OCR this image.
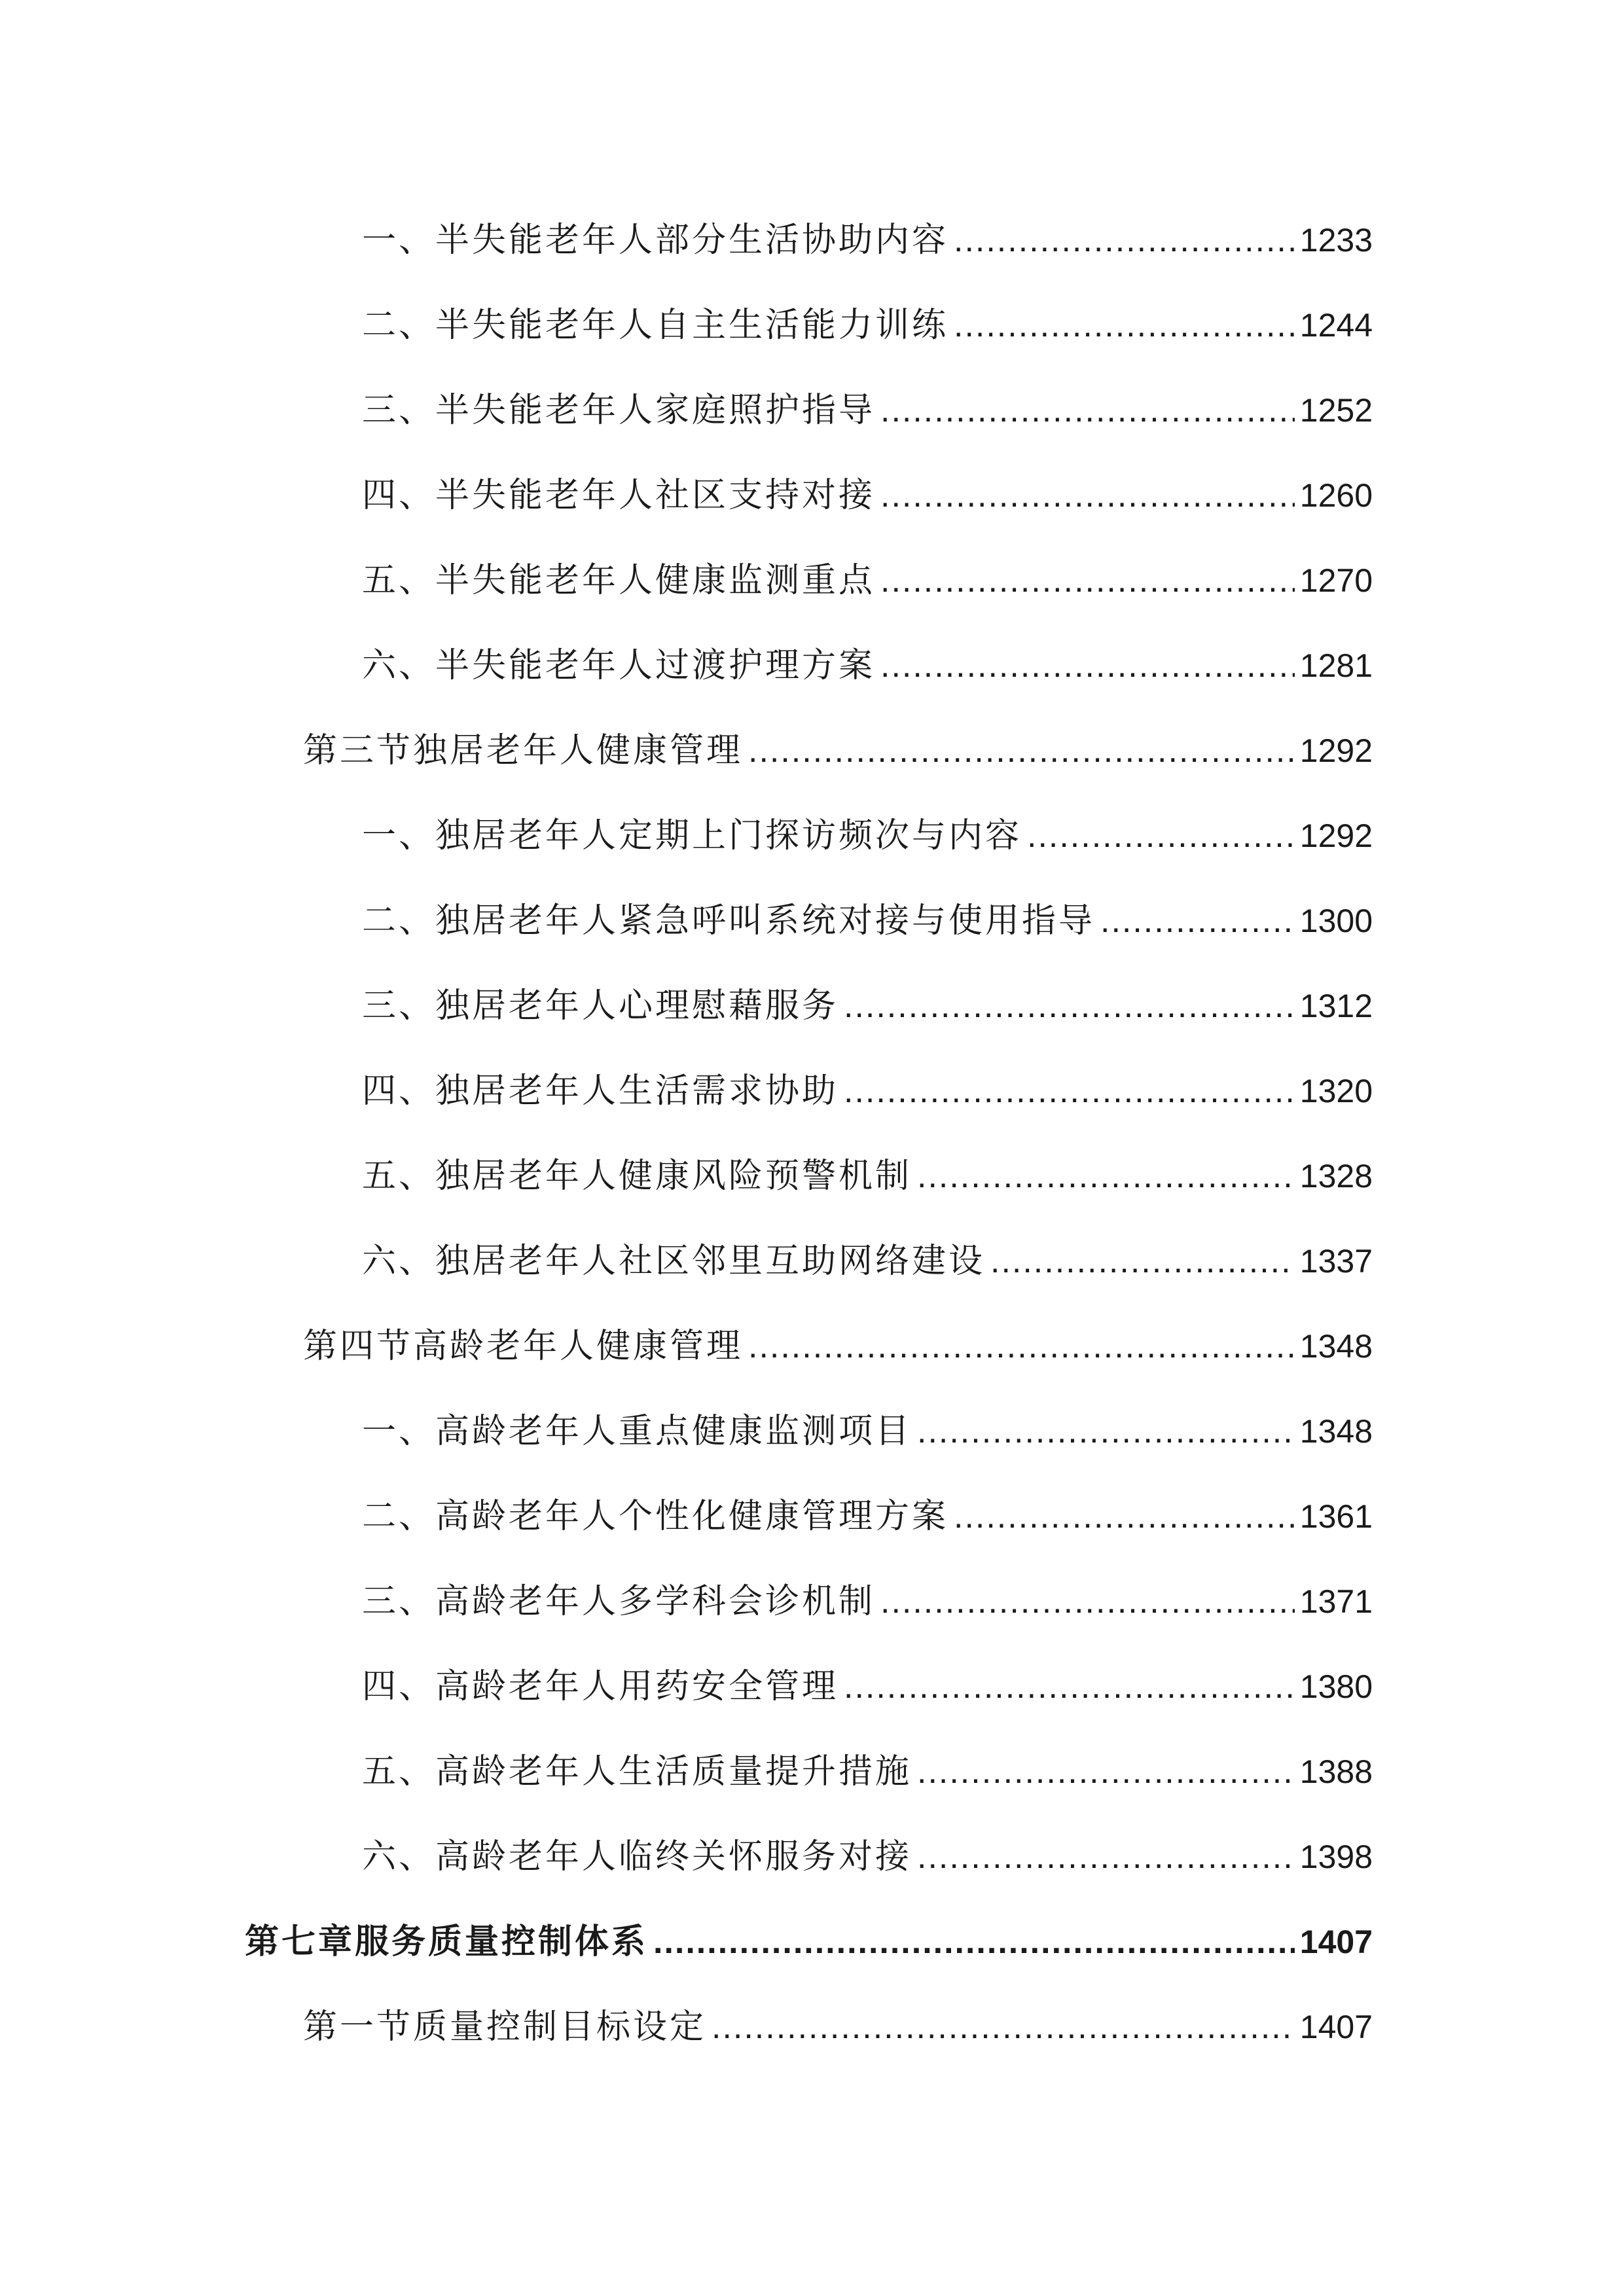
一、半失能老年人部分生活协助内容 .....	1233
二、半失能老年人自主生活能力训练 .....	1244
三、半失能老年人家庭照护指导 .....	1252
四、半失能老年人社区支持对接 .....	1260
五、半失能老年人健康监测重点 .....	1270
六、半失能老年人过渡护理方案 .....	1281
第三节独居老年人健康管理 .....	1292
一、独居老年人定期上门探访频次与内容 .....	1292
二、独居老年人紧急呼叫系统对接与使用指导 .....	1300
三、独居老年人心理慰藉服务 .....	1312
四、独居老年人生活需求协助 .....	1320
五、独居老年人健康风险预警机制 .....	1328
六、独居老年人社区邻里互助网络建设 .....	1337
第四节高龄老年人健康管理 .....	1348
一、高龄老年人重点健康监测项目 .....	1348
二、高龄老年人个性化健康管理方案 .....	1361
三、高龄老年人多学科会诊机制 .....	1371
四、高龄老年人用药安全管理 .....	1380
五、高龄老年人生活质量提升措施 .....	1388
六、高龄老年人临终关怀服务对接 .....	1398
第七章服务质量控制体系 .....	1407
第一节质量控制目标设定 .....	1407
